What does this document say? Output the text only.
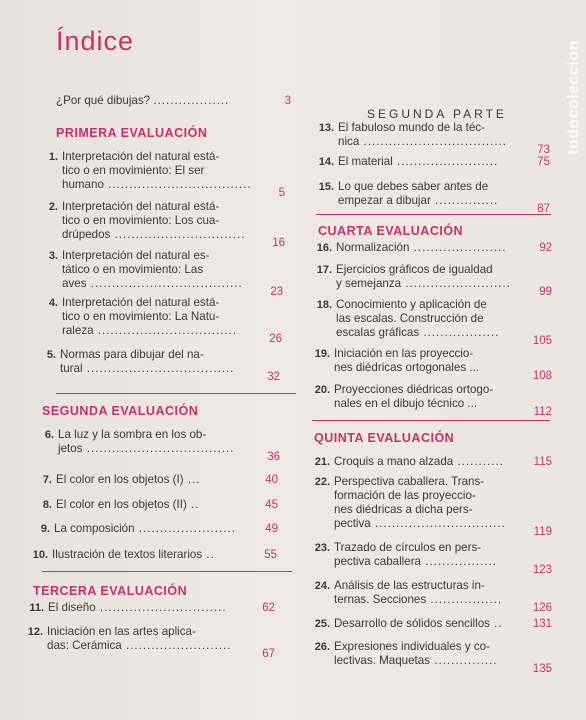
Índice
¿Por qué dibujas? ..................	3
PRIMERA EVALUACIÓN
SEGUNDA EVALUACIÓN
TERCERA EVALUACIÓN
SEGUNDA PARTE
CUARTA EVALUACIÓN
QUINTA EVALUACIÓN
1. Interpretación del natural está-
tico o en movimiento: El ser
humano ..................................
5
2. Interpretación del natural está-
tico o en movimiento: Los cua-
drúpedos ...............................
16
3. Interpretación del natural es-
tático o en movimiento: Las
aves ....................................
23
4. Interpretación del natural está-
tico o en movimiento: La Natu-
raleza .................................
26
5. Normas para dibujar del na-
tural ...................................
32
6. La luz y la sombra en los ob-
jetos ...................................
36
7. El color en los objetos (I) ...	40
8. El color en los objetos (II) ..	45
9. La composición .......................	49
10. Ilustración de textos literarios ..	55
11. El diseño ..............................	62
12. Iniciación en las artes aplica-
das: Cerámica .........................
67
13. El fabuloso mundo de la téc-
nica ..................................
73
14. El material ........................	75
15. Lo que debes saber antes de
empezar a dibujar ...............
87
16. Normalización ......................	92
17. Ejercicios gráficos de igualdad
y semejanza .........................
99
18. Conocimiento y aplicación de
las escalas. Construcción de
escalas gráficas ..................
105
19. Iniciación en las proyeccio-
nes diédricas ortogonales ...
108
20. Proyecciones diédricas ortogo-
nales en el dibujo técnico ...
112
21. Croquis a mano alzada ...........	115
22. Perspectiva caballera. Trans-
formación de las proyeccio-
nes diédricas a dicha pers-
pectiva ...............................
119
23. Trazado de círculos en pers-
pectiva caballera .................
123
24. Análisis de las estructuras in-
ternas. Secciones .................
126
25. Desarrollo de sólidos sencillos ..	131
26. Expresiones individuales y co-
lectivas. Maquetas ...............
135
todocoleccion
